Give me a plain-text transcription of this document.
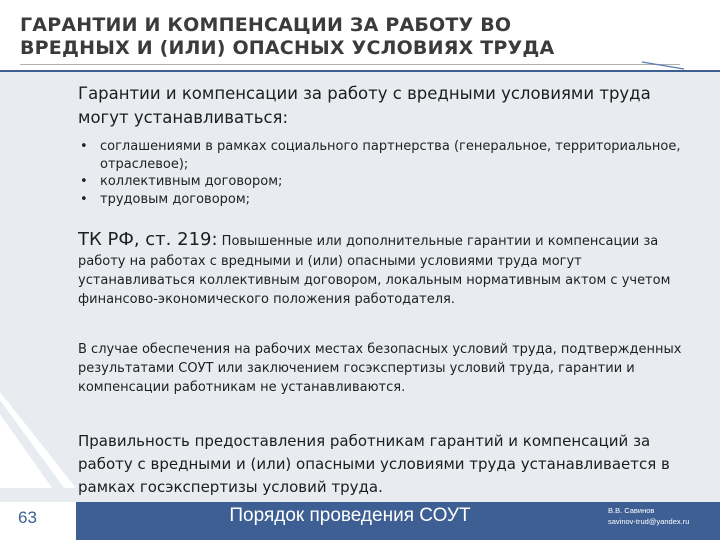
ГАРАНТИИ И КОМПЕНСАЦИИ ЗА РАБОТУ ВО
ВРЕДНЫХ И (ИЛИ) ОПАСНЫХ УСЛОВИЯХ ТРУДА

Гарантии и компенсации за работу с вредными условиями труда могут устанавливаться:

• соглашениями в рамках социального партнерства (генеральное, территориальное, отраслевое);
• коллективным договором;
• трудовым договором;

ТК РФ, ст. 219: Повышенные или дополнительные гарантии и компенсации за работу на работах с вредными и (или) опасными условиями труда могут устанавливаться коллективным договором, локальным нормативным актом с учетом финансово-экономического положения работодателя.

В случае обеспечения на рабочих местах безопасных условий труда, подтвержденных результатами СОУТ или заключением госэкспертизы условий труда, гарантии и компенсации работникам не устанавливаются.

Правильность предоставления работникам гарантий и компенсаций за работу с вредными и (или) опасными условиями труда устанавливается в рамках госэкспертизы условий труда.

63	Порядок проведения СОУТ	В.В. Савинов
savinov-trud@yandex.ru
